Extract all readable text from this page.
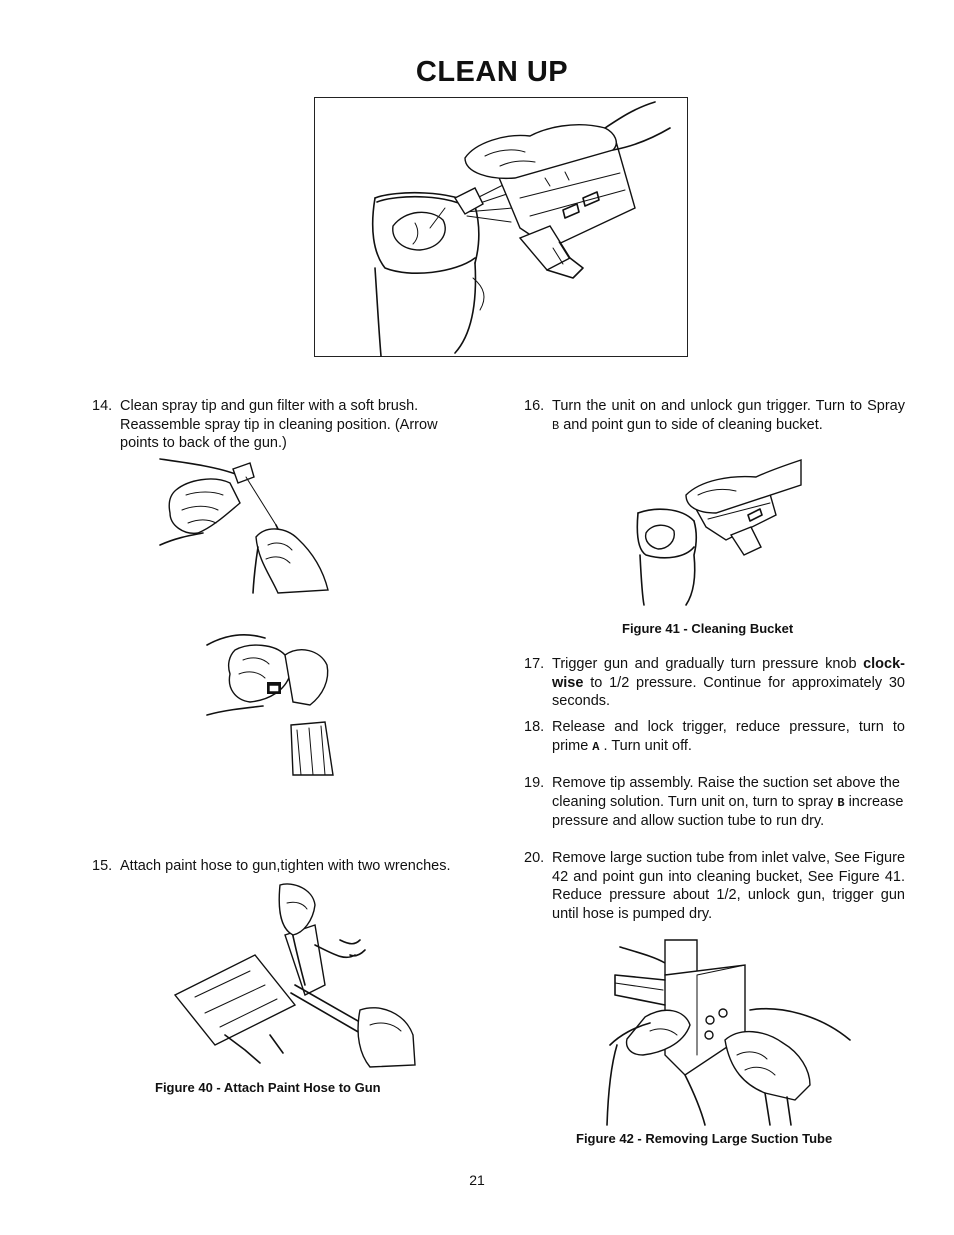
CLEAN UP
14. Clean spray tip and gun filter with a soft brush. Reassemble spray tip in cleaning position. (Arrow points to back of the gun.)
15. Attach paint hose to gun,tighten with two wrenches.
Figure 40 - Attach Paint Hose to Gun
16. Turn the unit on and unlock gun trigger. Turn to Spray B and point gun to side of cleaning bucket.
Figure 41 - Cleaning Bucket
17. Trigger gun and gradually turn pressure knob clock-wise to 1/2 pressure. Continue for approximately 30 seconds.
18. Release and lock trigger, reduce pressure, turn to prime A . Turn unit off.
19. Remove tip assembly. Raise the suction set above the cleaning solution. Turn unit on, turn to spray B increase pressure and allow suction tube to run dry.
20. Remove large suction tube from inlet valve, See Figure 42 and point gun into cleaning bucket, See Figure 41. Reduce pressure about 1/2, unlock gun, trigger gun until hose is pumped dry.
Figure 42 - Removing Large Suction Tube
21
